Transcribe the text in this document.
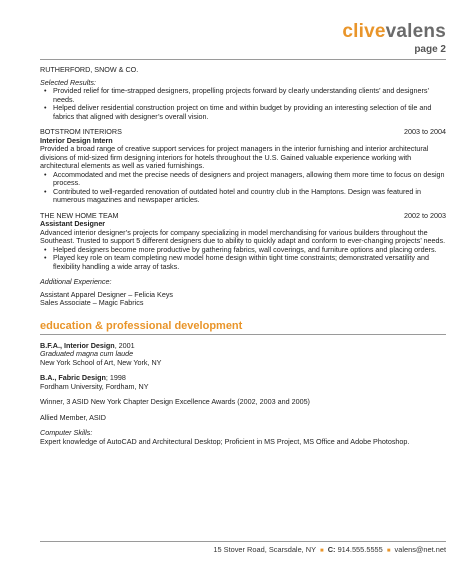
clivevalens
page 2
RUTHERFORD, SNOW & CO.
Selected Results:
• Provided relief for time-strapped designers, propelling projects forward by clearly understanding clients’ and designers’ needs.
• Helped deliver residential construction project on time and within budget by providing an interesting selection of tile and fabrics that aligned with designer’s overall vision.
BOTSTROM INTERIORS	2003 to 2004
Interior Design Intern
Provided a broad range of creative support services for project managers in the interior furnishing and interior architectural divisions of mid-sized firm designing interiors for hotels throughout the U.S. Gained valuable experience working with architectural elements as well as varied furnishings.
• Accommodated and met the precise needs of designers and project managers, allowing them more time to focus on design process.
• Contributed to well-regarded renovation of outdated hotel and country club in the Hamptons. Design was featured in numerous magazines and newspaper articles.
THE NEW HOME TEAM	2002 to 2003
Assistant Designer
Advanced interior designer’s projects for company specializing in model merchandising for various builders throughout the Southeast. Trusted to support 5 different designers due to ability to quickly adapt and conform to ever-changing projects’ needs.
• Helped designers become more productive by gathering fabrics, wall coverings, and furniture options and placing orders.
• Played key role on team completing new model home design within tight time constraints; demonstrated versatility and flexibility handling a wide array of tasks.
Additional Experience:
Assistant Apparel Designer – Felicia Keys
Sales Associate – Magic Fabrics
education & professional development
B.F.A., Interior Design, 2001
Graduated magna cum laude
New York School of Art, New York, NY
B.A., Fabric Design; 1998
Fordham University, Fordham, NY
Winner, 3 ASID New York Chapter Design Excellence Awards (2002, 2003 and 2005)
Allied Member, ASID
Computer Skills:
Expert knowledge of AutoCAD and Architectural Desktop; Proficient in MS Project, MS Office and Adobe Photoshop.
15 Stover Road, Scarsdale, NY ■ C: 914.555.5555 ■ valens@net.net
